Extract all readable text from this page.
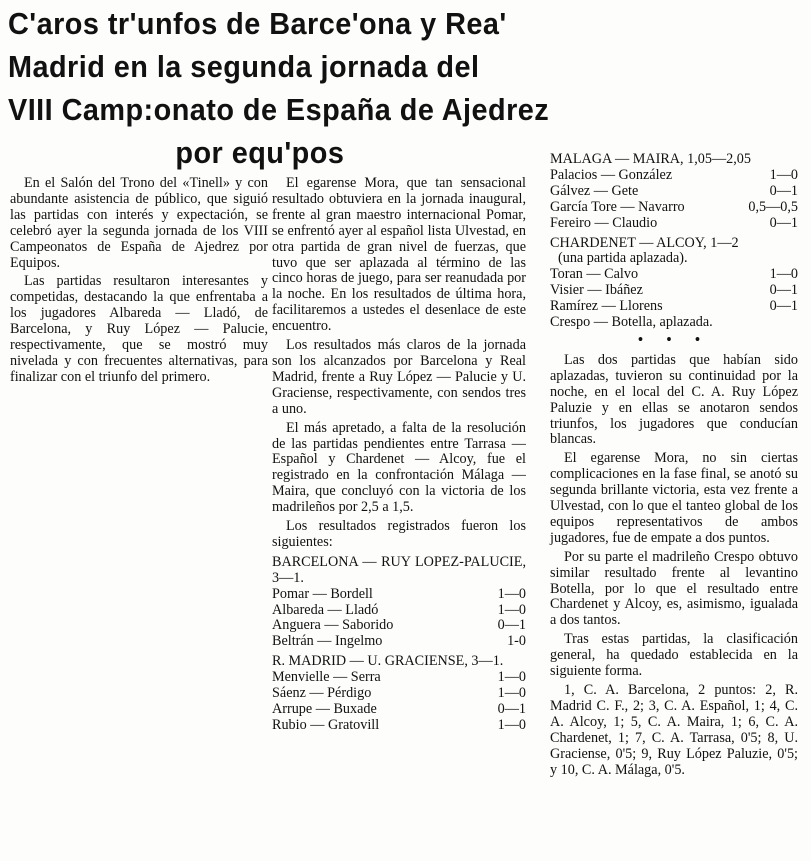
C'aros tr'unfos de Barce'ona y Rea'
Madrid en la segunda jornada del
VIII Camp:onato de España de Ajedrez
por equ'pos

En el Salón del Trono del «Tinell» y con abundante asistencia de público, que siguió las partidas con interés y expectación, se celebró ayer la segunda jornada de los VIII Campeonatos de España de Ajedrez por Equipos.

Las partidas resultaron interesantes y competidas, destacando la que enfrentaba a los jugadores Albareda — Lladó, de Barcelona, y Ruy López — Palucie, respectivamente, que se mostró muy nivelada y con frecuentes alternativas, para finalizar con el triunfo del primero.

El egarense Mora, que tan sensacional resultado obtuviera en la jornada inaugural, frente al gran maestro internacional Pomar, se enfrentó ayer al español lista Ulvestad, en otra partida de gran nivel de fuerzas, que tuvo que ser aplazada al término de las cinco horas de juego, para ser reanudada por la noche. En los resultados de última hora, facilitaremos a ustedes el desenlace de este encuentro.

Los resultados más claros de la jornada son los alcanzados por Barcelona y Real Madrid, frente a Ruy López — Palucie y U. Graciense, respectivamente, con sendos tres a uno.

El más apretado, a falta de la resolución de las partidas pendientes entre Tarrasa — Español y Chardenet — Alcoy, fue el registrado en la confrontación Málaga — Maira, que concluyó con la victoria de los madrileños por 2,5 a 1,5.

Los resultados registrados fueron los siguientes:

BARCELONA — RUY LOPEZ-PALUCIE, 3—1.
Pomar — Bordell	1—0
Albareda — Lladó	1—0
Anguera — Saborido	0—1
Beltrán — Ingelmo	1-0
R. MADRID — U. GRACIENSE, 3—1.
Menvielle — Serra	1—0
Sáenz — Pérdigo	1—0
Arrupe — Buxade	0—1
Rubio — Gratovill	1—0
MALAGA — MAIRA, 1,05—2,05
Palacios — González	1—0
Gálvez — Gete	0—1
García Tore — Navarro	0,5—0,5
Fereiro — Claudio	0—1
CHARDENET — ALCOY, 1—2
(una partida aplazada).
Toran — Calvo	1—0
Visier — Ibáñez	0—1
Ramírez — Llorens	0—1
Crespo — Botella, aplazada.
• • •

Las dos partidas que habían sido aplazadas, tuvieron su continuidad por la noche, en el local del C. A. Ruy López Paluzie y en ellas se anotaron sendos triunfos, los jugadores que conducían blancas.

El egarense Mora, no sin ciertas complicaciones en la fase final, se anotó su segunda brillante victoria, esta vez frente a Ulvestad, con lo que el tanteo global de los equipos representativos de ambos jugadores, fue de empate a dos puntos.

Por su parte el madrileño Crespo obtuvo similar resultado frente al levantino Botella, por lo que el resultado entre Chardenet y Alcoy, es, asimismo, igualada a dos tantos.

Tras estas partidas, la clasificación general, ha quedado establecida en la siguiente forma.

1, C. A. Barcelona, 2 puntos: 2, R. Madrid C. F., 2; 3, C. A. Español, 1; 4, C. A. Alcoy, 1; 5, C. A. Maira, 1; 6, C. A. Chardenet, 1; 7, C. A. Tarrasa, 0'5; 8, U. Graciense, 0'5; 9, Ruy López Paluzie, 0'5; y 10, C. A. Málaga, 0'5.
